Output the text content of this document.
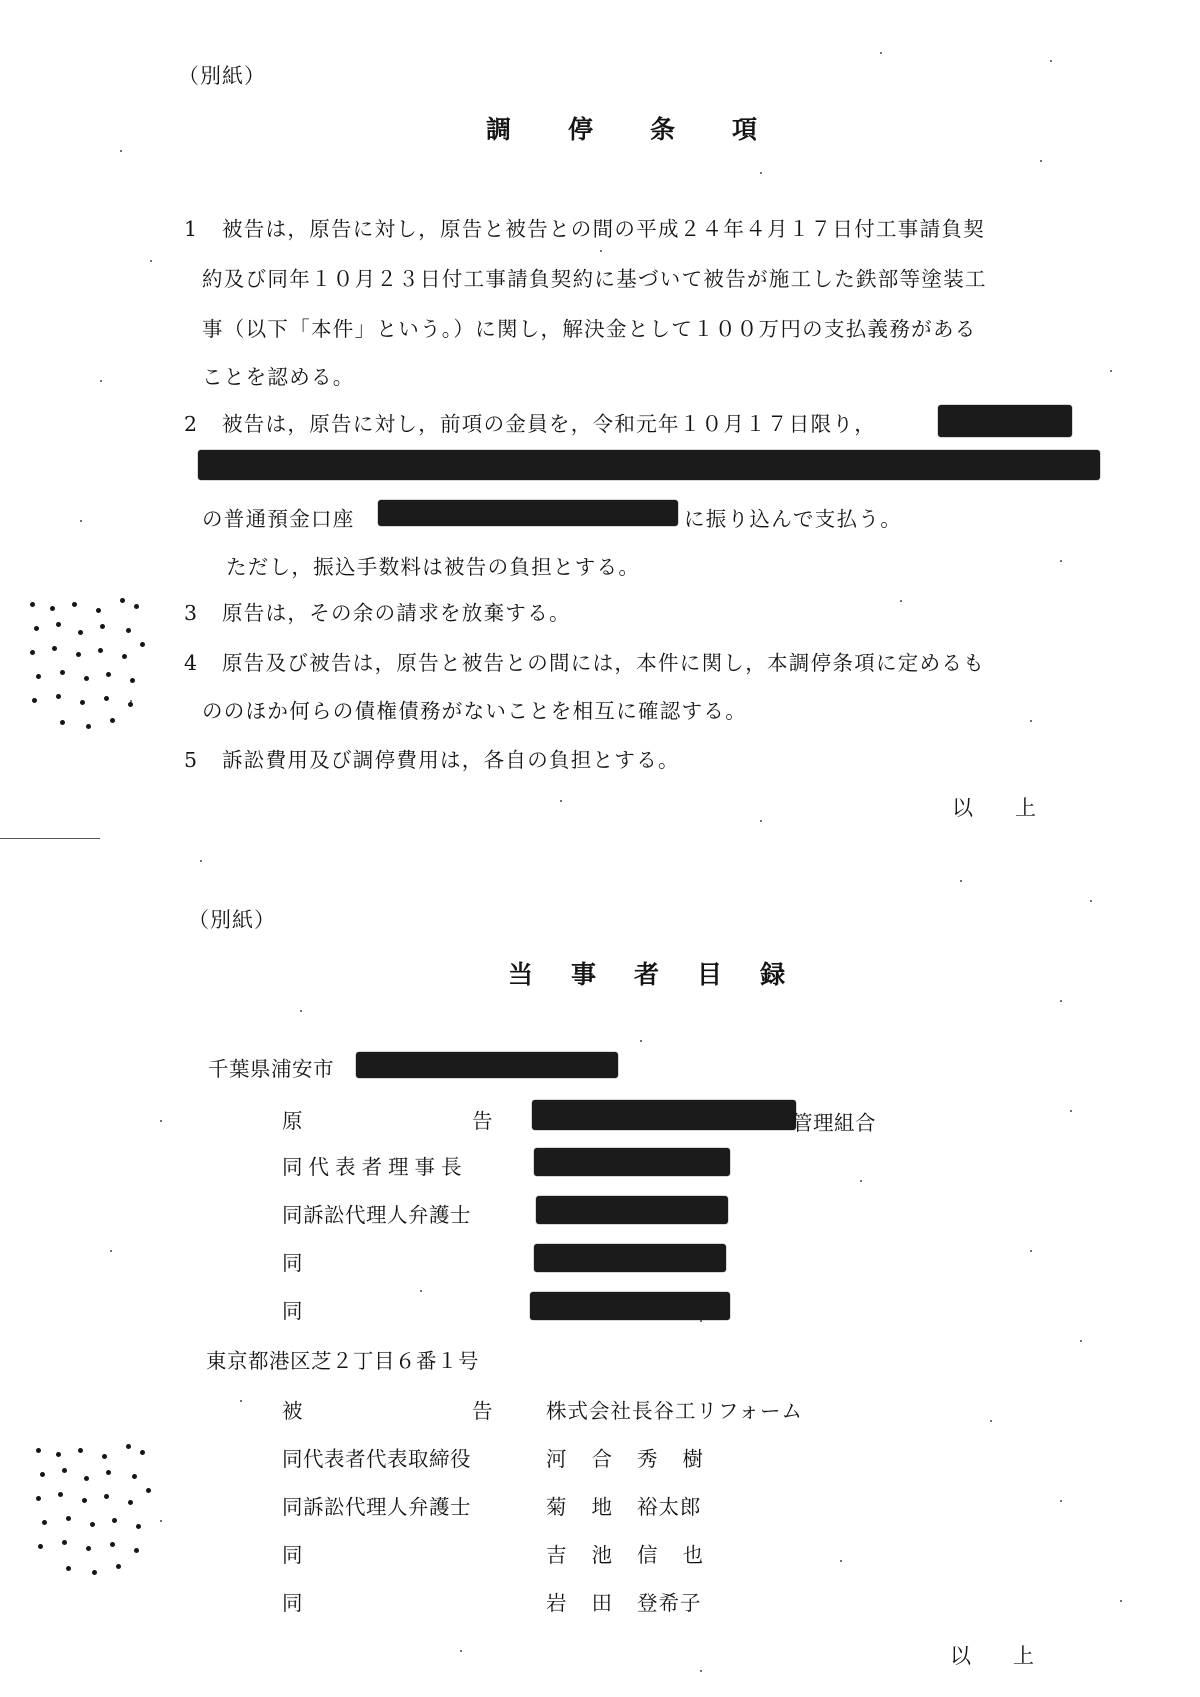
（別紙）
調 停 条 項
1 被告は，原告に対し，原告と被告との間の平成２４年４月１７日付工事請負契
約及び同年１０月２３日付工事請負契約に基づいて被告が施工した鉄部等塗装工
事（以下「本件」という。）に関し，解決金として１００万円の支払義務がある
ことを認める。
2 被告は，原告に対し，前項の金員を，令和元年１０月１７日限り，
の普通預金口座	に振り込んで支払う。
ただし，振込手数料は被告の負担とする。
3 原告は，その余の請求を放棄する。
4 原告及び被告は，原告と被告との間には，本件に関し，本調停条項に定めるも
ののほか何らの債権債務がないことを相互に確認する。
5 訴訟費用及び調停費用は，各自の負担とする。
以 上
（別紙）
当 事 者 目 録
千葉県浦安市
原	告	管理組合
同代表者理事長
同訴訟代理人弁護士
同
同
東京都港区芝２丁目６番１号
被	告	株式会社長谷工リフォーム
同代表者代表取締役	河 合 秀 樹
同訴訟代理人弁護士	菊 地 裕太郎
同	吉 池 信 也
同	岩 田 登希子
以 上
